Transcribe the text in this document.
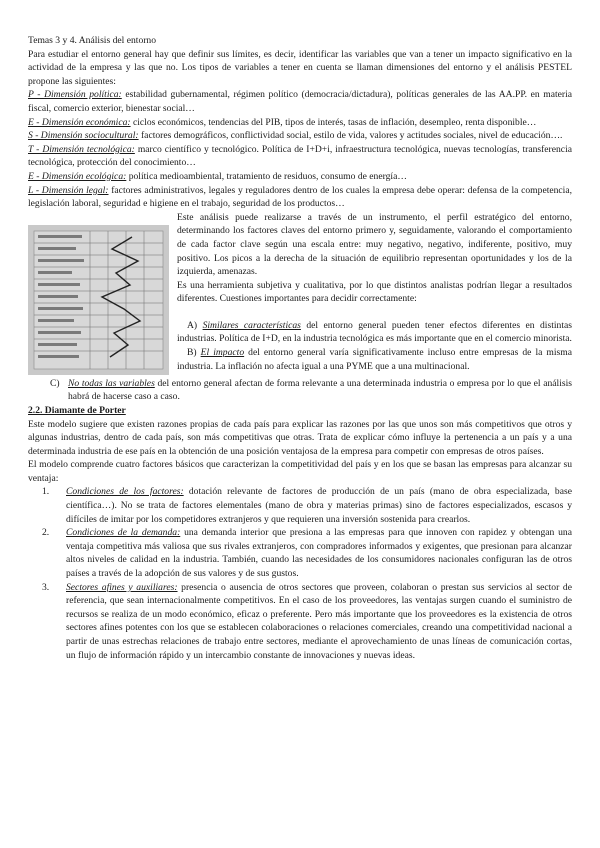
Temas 3 y 4. Análisis del entorno

Para estudiar el entorno general hay que definir sus límites, es decir, identificar las variables que van a tener un impacto significativo en la actividad de la empresa y las que no. Los tipos de variables a tener en cuenta se llaman dimensiones del entorno y el análisis PESTEL propone las siguientes:

P - Dimensión política: estabilidad gubernamental, régimen político (democracia/dictadura), políticas generales de las AA.PP. en materia fiscal, comercio exterior, bienestar social…

E - Dimensión económica: ciclos económicos, tendencias del PIB, tipos de interés, tasas de inflación, desempleo, renta disponible…

S - Dimensión sociocultural: factores demográficos, conflictividad social, estilo de vida, valores y actitudes sociales, nivel de educación….

T - Dimensión tecnológica: marco científico y tecnológico. Política de I+D+i, infraestructura tecnológica, nuevas tecnologías, transferencia tecnológica, protección del conocimiento…

E - Dimensión ecológica: política medioambiental, tratamiento de residuos, consumo de energía…

L - Dimensión legal: factores administrativos, legales y reguladores dentro de los cuales la empresa debe operar: defensa de la competencia, legislación laboral, seguridad e higiene en el trabajo, seguridad de los productos…

Este análisis puede realizarse a través de un instrumento, el perfil estratégico del entorno, determinando los factores claves del entorno primero y, seguidamente, valorando el comportamiento de cada factor clave según una escala entre: muy negativo, negativo, indiferente, positivo, muy positivo. Los picos a la derecha de la situación de equilibrio representan oportunidades y los de la izquierda, amenazas.

Es una herramienta subjetiva y cualitativa, por lo que distintos analistas podrían llegar a resultados diferentes. Cuestiones importantes para decidir correctamente:

A) Similares características del entorno general pueden tener efectos diferentes en distintas industrias. Política de I+D, en la industria tecnológica es más importante que en el comercio minorista.

B) El impacto del entorno general varía significativamente incluso entre empresas de la misma industria. La inflación no afecta igual a una PYME que a una multinacional.

C) No todas las variables del entorno general afectan de forma relevante a una determinada industria o empresa por lo que el análisis habrá de hacerse caso a caso.

2.2. Diamante de Porter

Este modelo sugiere que existen razones propias de cada país para explicar las razones por las que unos son más competitivos que otros y algunas industrias, dentro de cada país, son más competitivas que otras. Trata de explicar cómo influye la pertenencia a un país y a una determinada industria de ese país en la obtención de una posición ventajosa de la empresa para competir con empresas de otros países.

El modelo comprende cuatro factores básicos que caracterizan la competitividad del país y en los que se basan las empresas para alcanzar su ventaja:

1.	Condiciones de los factores: dotación relevante de factores de producción de un país (mano de obra especializada, base científica…). No se trata de factores elementales (mano de obra y materias primas) sino de factores especializados, escasos y difíciles de imitar por los competidores extranjeros y que requieren una inversión sostenida para crearlos.

2.	Condiciones de la demanda: una demanda interior que presiona a las empresas para que innoven con rapidez y obtengan una ventaja competitiva más valiosa que sus rivales extranjeros, con compradores informados y exigentes, que presionan para alcanzar altos niveles de calidad en la industria. También, cuando las necesidades de los consumidores nacionales configuran las de otros países a través de la adopción de sus valores y de sus gustos.

3.	Sectores afines y auxiliares: presencia o ausencia de otros sectores que proveen, colaboran o prestan sus servicios al sector de referencia, que sean internacionalmente competitivos. En el caso de los proveedores, las ventajas surgen cuando el suministro de recursos se realiza de un modo económico, eficaz o preferente. Pero más importante que los proveedores es la existencia de otros sectores afines potentes con los que se establecen colaboraciones o relaciones comerciales, creando una competitividad nacional a partir de unas estrechas relaciones de trabajo entre sectores, mediante el aprovechamiento de unas líneas de comunicación cortas, un flujo de información rápido y un intercambio constante de innovaciones y nuevas ideas.
